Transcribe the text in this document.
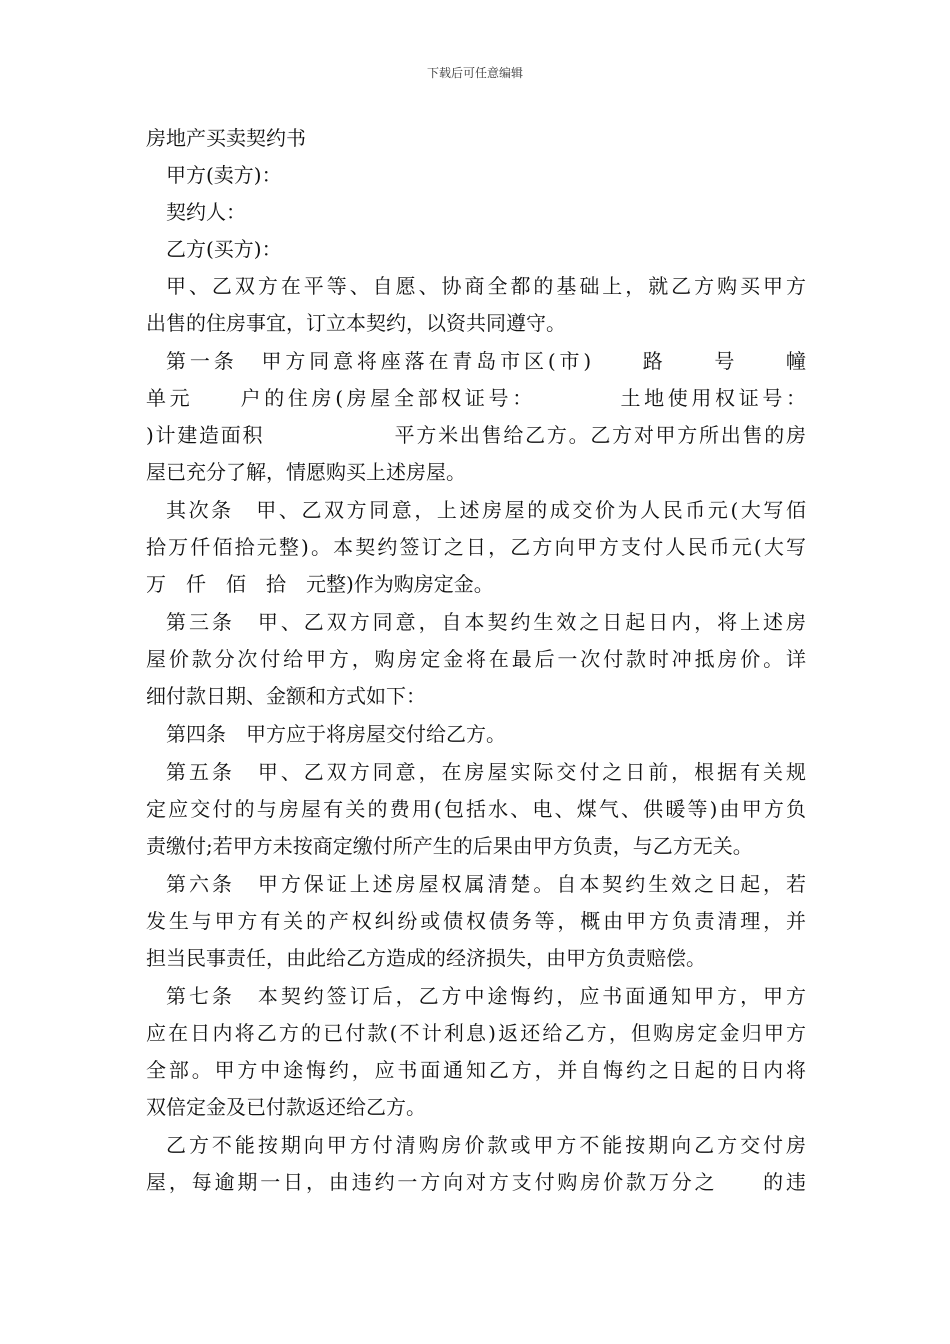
下载后可任意编辑
房地产买卖契约书
甲方(卖方)：
契约人：
乙方(买方)：
甲、乙双方在平等、自愿、协商全都的基础上，就乙方购买甲方
出售的住房事宜，订立本契约，以资共同遵守。
第一条　甲方同意将座落在青岛市区(市)　　路　　号　　幢
单元　　户的住房(房屋全部权证号：　　　　土地使用权证号：
)计建造面积　　　　　　平方米出售给乙方。乙方对甲方所出售的房
屋已充分了解，情愿购买上述房屋。
其次条　甲、乙双方同意，上述房屋的成交价为人民币元(大写佰
拾万仟佰拾元整)。本契约签订之日，乙方向甲方支付人民币元(大写
万　仟　佰　拾　元整)作为购房定金。
第三条　甲、乙双方同意，自本契约生效之日起日内，将上述房
屋价款分次付给甲方，购房定金将在最后一次付款时冲抵房价。详
细付款日期、金额和方式如下：
第四条　甲方应于将房屋交付给乙方。
第五条　甲、乙双方同意，在房屋实际交付之日前，根据有关规
定应交付的与房屋有关的费用(包括水、电、煤气、供暖等)由甲方负
责缴付;若甲方未按商定缴付所产生的后果由甲方负责，与乙方无关。
第六条　甲方保证上述房屋权属清楚。自本契约生效之日起，若
发生与甲方有关的产权纠纷或债权债务等，概由甲方负责清理，并
担当民事责任，由此给乙方造成的经济损失，由甲方负责赔偿。
第七条　本契约签订后，乙方中途悔约，应书面通知甲方，甲方
应在日内将乙方的已付款(不计利息)返还给乙方，但购房定金归甲方
全部。甲方中途悔约，应书面通知乙方，并自悔约之日起的日内将
双倍定金及已付款返还给乙方。
乙方不能按期向甲方付清购房价款或甲方不能按期向乙方交付房
屋，每逾期一日，由违约一方向对方支付购房价款万分之　　的违
